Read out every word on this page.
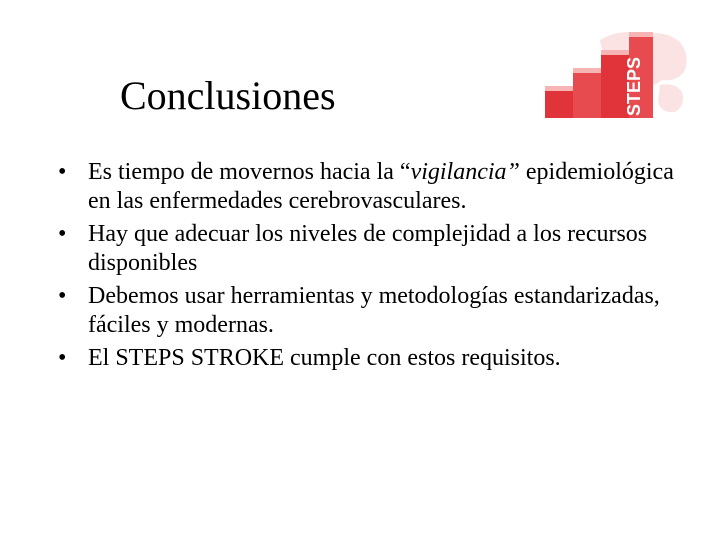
Conclusiones	STEPS
• Es tiempo de movernos hacia la “vigilancia” epidemiológica en las enfermedades cerebrovasculares.
• Hay que adecuar los niveles de complejidad a los recursos disponibles
• Debemos usar herramientas y metodologías estandarizadas, fáciles y modernas.
• El STEPS STROKE cumple con estos requisitos.
